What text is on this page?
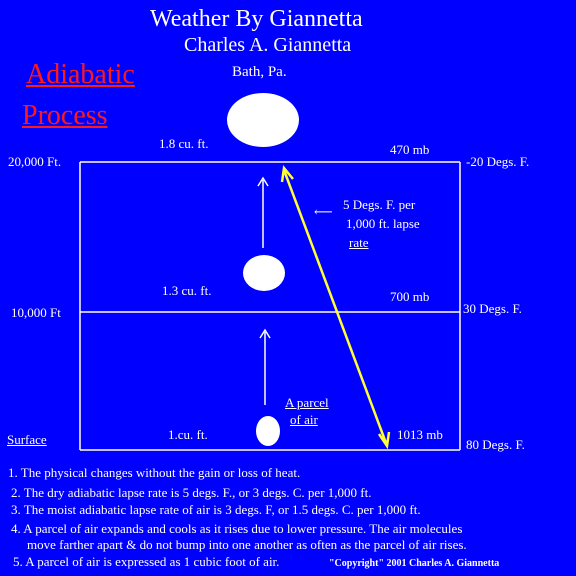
Weather By Giannetta
Charles A. Giannetta
Bath, Pa.
Adiabatic
Process
20,000 Ft.
10,000 Ft
Surface
470 mb
700 mb
1013 mb
-20 Degs. F.
30 Degs. F.
80 Degs. F.
1.8 cu. ft.
1.3 cu. ft.
1.cu. ft.
A parcel
of air
⟵ 5 Degs. F. per
1,000 ft. lapse
rate
1. The physical changes without the gain or loss of heat.
2. The dry adiabatic lapse rate is 5 degs. F., or 3 degs. C. per 1,000 ft.
3. The moist adiabatic lapse rate of air is 3 degs. F, or 1.5 degs. C. per 1,000 ft.
4. A parcel of air expands and cools as it rises due to lower pressure. The air molecules
move farther apart & do not bump into one another as often as the parcel of air rises.
5. A parcel of air is expressed as 1 cubic foot of air.	"Copyright" 2001 Charles A. Giannetta
